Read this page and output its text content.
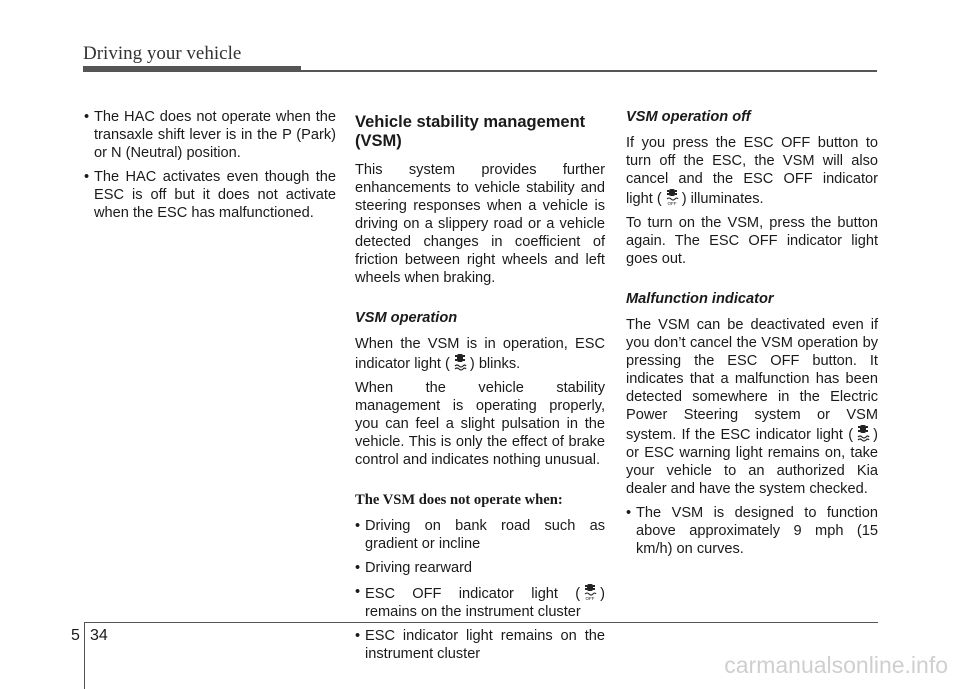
Driving your vehicle
• The HAC does not operate when the transaxle shift lever is in the P (Park) or N (Neutral) position.
• The HAC activates even though the ESC is off but it does not activate when the ESC has malfunctioned.
Vehicle stability management (VSM)

This system provides further enhancements to vehicle stability and steering responses when a vehicle is driving on a slippery road or a vehicle detected changes in coefficient of friction between right wheels and left wheels when braking.

VSM operation

When the VSM is in operation, ESC indicator light ( ) blinks.

When the vehicle stability management is operating properly, you can feel a slight pulsation in the vehicle. This is only the effect of brake control and indicates nothing unusual.

The VSM does not operate when:

• Driving on bank road such as gradient or incline
• Driving rearward
• ESC OFF indicator light ( OFF ) remains on the instrument cluster
• ESC indicator light remains on the instrument cluster
VSM operation off

If you press the ESC OFF button to turn off the ESC, the VSM will also cancel and the ESC OFF indicator light ( OFF ) illuminates.

To turn on the VSM, press the button again. The ESC OFF indicator light goes out.

Malfunction indicator

The VSM can be deactivated even if you don’t cancel the VSM operation by pressing the ESC OFF button. It indicates that a malfunction has been detected somewhere in the Electric Power Steering system or VSM system. If the ESC indicator light ( ) or ESC warning light remains on, take your vehicle to an authorized Kia dealer and have the system checked.

• The VSM is designed to function above approximately 9 mph (15 km/h) on curves.
5 34
carmanualsonline.info
